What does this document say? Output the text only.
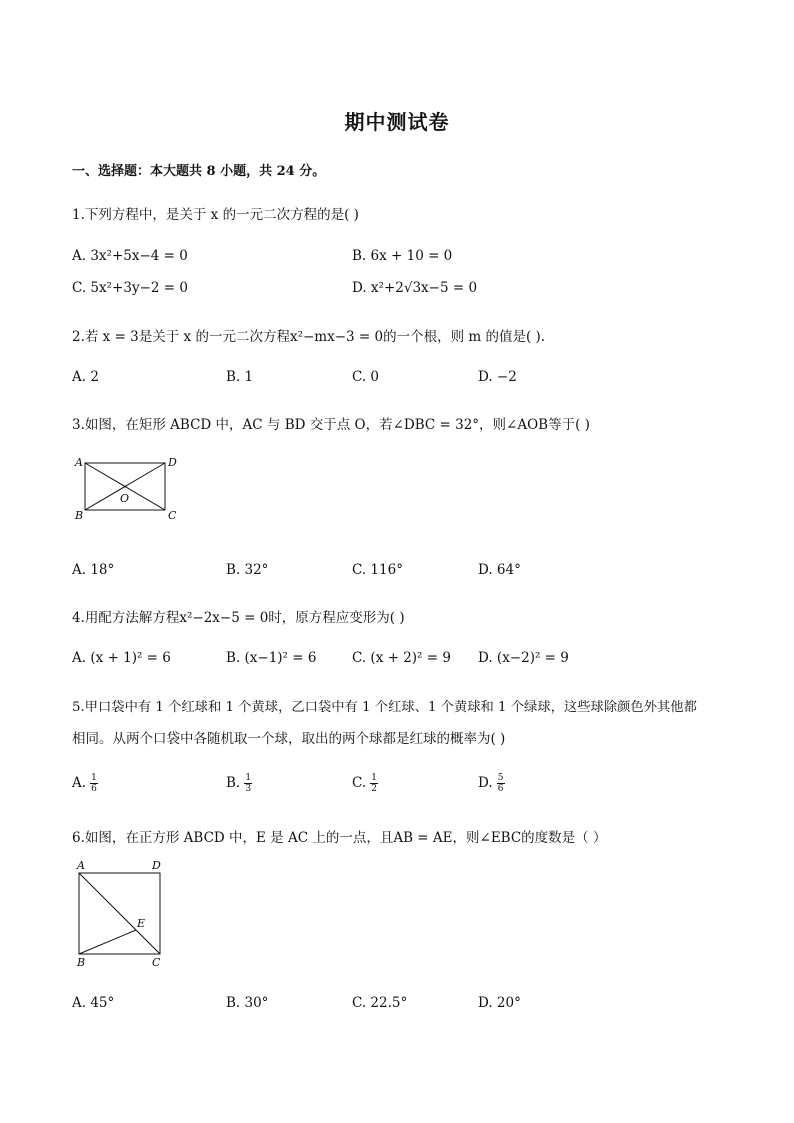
期中测试卷
一、选择题：本大题共 8 小题，共 24 分。
1.下列方程中，是关于 x 的一元二次方程的是( )
A. 3x²+5x−4 = 0	B. 6x + 10 = 0
C. 5x²+3y−2 = 0	D. x²+2√3x−5 = 0
2.若 x = 3是关于 x 的一元二次方程x²−mx−3 = 0的一个根，则 m 的值是( ).
A. 2	B. 1	C. 0	D. −2
3.如图，在矩形 ABCD 中，AC 与 BD 交于点 O，若∠DBC = 32°，则∠AOB等于( )
A	D
B	C
O
A. 18°	B. 32°	C. 116°	D. 64°
4.用配方法解方程x²−2x−5 = 0时，原方程应变形为( )
A. (x + 1)² = 6	B. (x−1)² = 6	C. (x + 2)² = 9 D. (x−2)² = 9
5.甲口袋中有 1 个红球和 1 个黄球，乙口袋中有 1 个红球、1 个黄球和 1 个绿球，这些球除颜色外其他都
相同。从两个口袋中各随机取一个球，取出的两个球都是红球的概率为( )
A. $\frac{1}{6}$	B. $\frac{1}{3}$	C. $\frac{1}{2}$	D. $\frac{5}{6}$
6.如图，在正方形 ABCD 中，E 是 AC 上的一点，且AB = AE，则∠EBC的度数是（ ）
A	D
B	C
E
A. 45°	B. 30°	C. 22.5°	D. 20°
